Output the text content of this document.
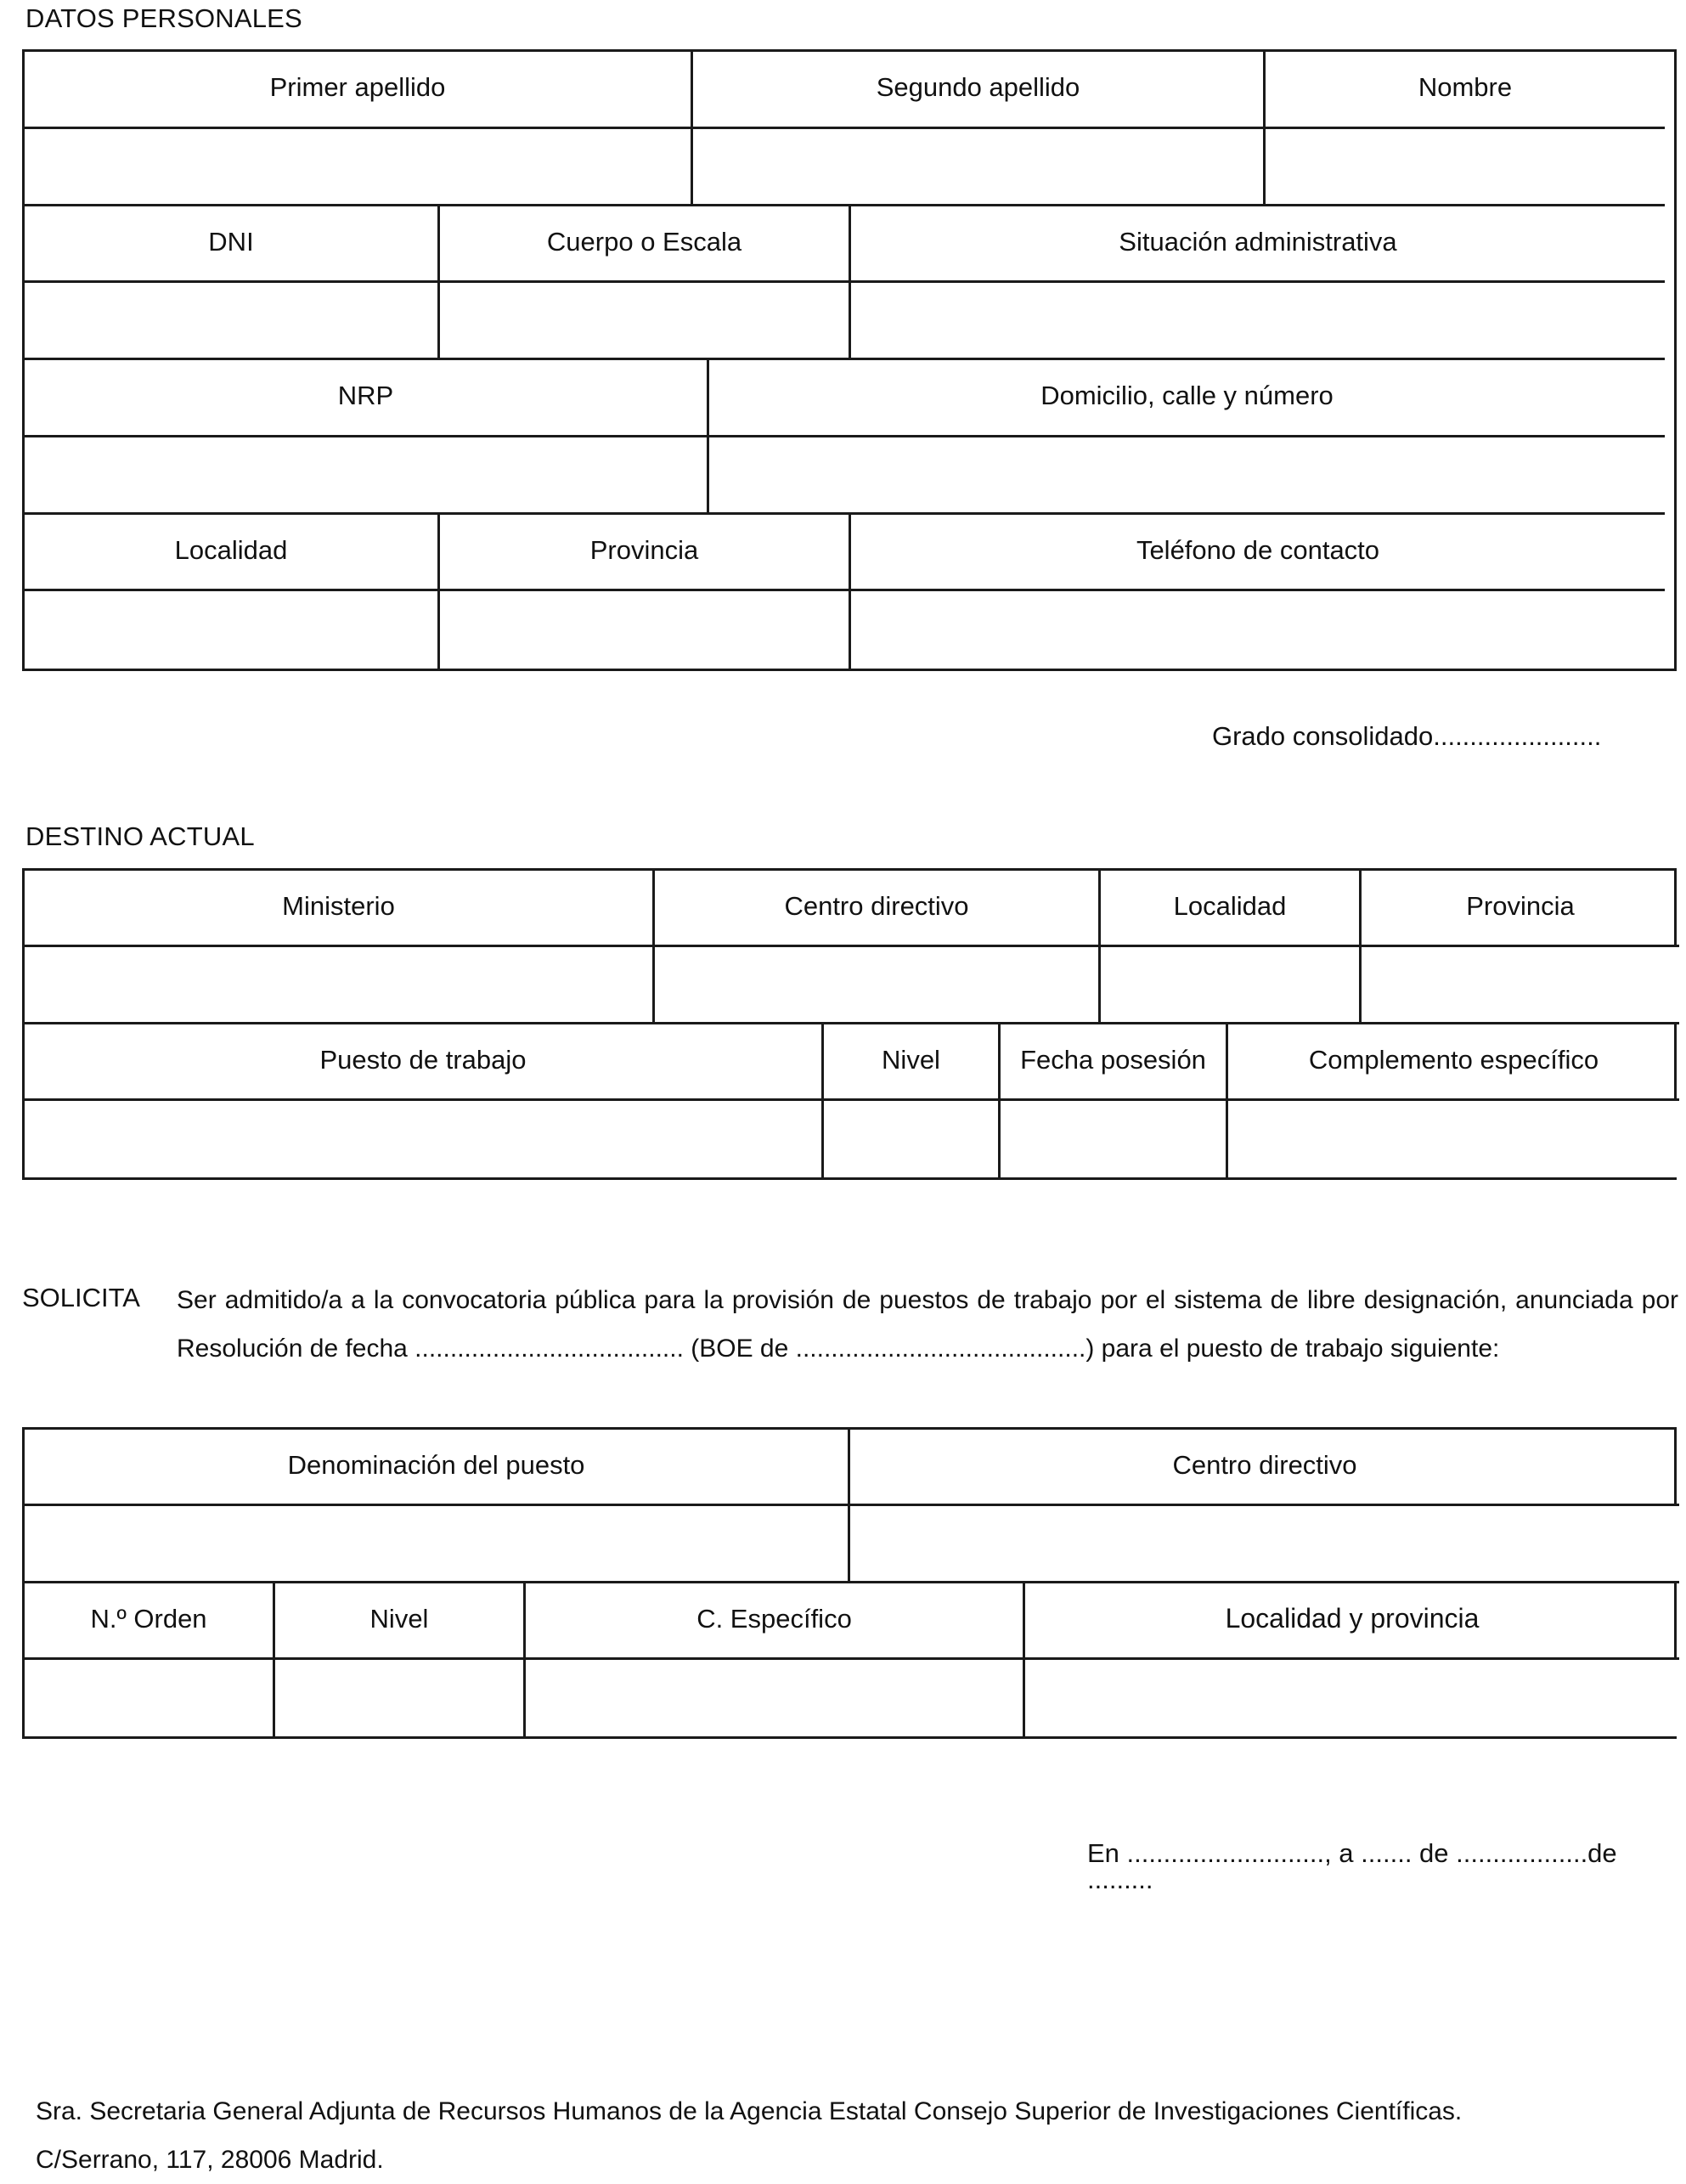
DATOS PERSONALES
Primer apellido	Segundo apellido	Nombre
DNI	Cuerpo o Escala	Situación administrativa
NRP	Domicilio, calle y número
Localidad	Provincia	Teléfono de contacto
Grado consolidado.......................
DESTINO ACTUAL
Ministerio	Centro directivo	Localidad	Provincia
Puesto de trabajo	Nivel	Fecha posesión	Complemento específico
SOLICITA Ser admitido/a a la convocatoria pública para la provisión de puestos de trabajo por el sistema de libre designación, anunciada por Resolución de fecha ...................................... (BOE de .........................................) para el puesto de trabajo siguiente:
Denominación del puesto	Centro directivo
N.º Orden	Nivel	C. Específico	Localidad y provincia
En ..........................., a ....... de ..................de .........
Sra. Secretaria General Adjunta de Recursos Humanos de la Agencia Estatal Consejo Superior de Investigaciones Científicas.
C/Serrano, 117, 28006 Madrid.
